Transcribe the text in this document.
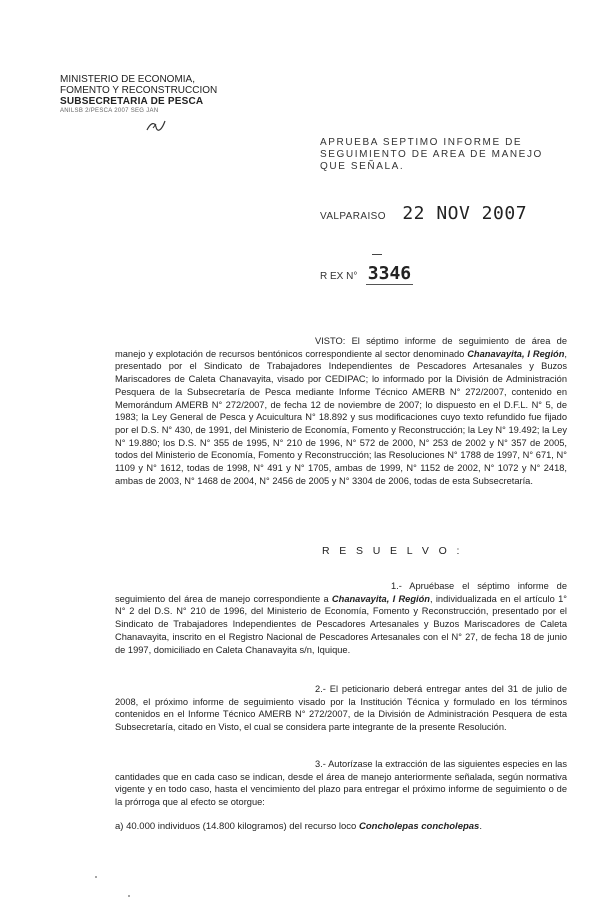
MINISTERIO DE ECONOMIA,
FOMENTO Y RECONSTRUCCION
SUBSECRETARIA DE PESCA
ANILSB 2/PESCA 2007 SEG JAN
APRUEBA SEPTIMO INFORME DE SEGUIMIENTO DE AREA DE MANEJO QUE SEÑALA.
VALPARAISO 22 NOV 2007
R EX N° 3346
VISTO: El séptimo informe de seguimiento de área de manejo y explotación de recursos bentónicos correspondiente al sector denominado Chanavayita, I Región, presentado por el Sindicato de Trabajadores Independientes de Pescadores Artesanales y Buzos Mariscadores de Caleta Chanavayita, visado por CEDIPAC; lo informado por la División de Administración Pesquera de la Subsecretaría de Pesca mediante Informe Técnico AMERB N° 272/2007, contenido en Memorándum AMERB N° 272/2007, de fecha 12 de noviembre de 2007; lo dispuesto en el D.F.L. N° 5, de 1983; la Ley General de Pesca y Acuicultura N° 18.892 y sus modificaciones cuyo texto refundido fue fijado por el D.S. N° 430, de 1991, del Ministerio de Economía, Fomento y Reconstrucción; la Ley N° 19.492; la Ley N° 19.880; los D.S. N° 355 de 1995, N° 210 de 1996, N° 572 de 2000, N° 253 de 2002 y N° 357 de 2005, todos del Ministerio de Economía, Fomento y Reconstrucción; las Resoluciones N° 1788 de 1997, N° 671, N° 1109 y N° 1612, todas de 1998, N° 491 y N° 1705, ambas de 1999, N° 1152 de 2002, N° 1072 y N° 2418, ambas de 2003, N° 1468 de 2004, N° 2456 de 2005 y N° 3304 de 2006, todas de esta Subsecretaría.
R E S U E L V O :
1.- Apruébase el séptimo informe de seguimiento del área de manejo correspondiente a Chanavayita, I Región, individualizada en el artículo 1° N° 2 del D.S. N° 210 de 1996, del Ministerio de Economía, Fomento y Reconstrucción, presentado por el Sindicato de Trabajadores Independientes de Pescadores Artesanales y Buzos Mariscadores de Caleta Chanavayita, inscrito en el Registro Nacional de Pescadores Artesanales con el N° 27, de fecha 18 de junio de 1997, domiciliado en Caleta Chanavayita s/n, Iquique.
2.- El peticionario deberá entregar antes del 31 de julio de 2008, el próximo informe de seguimiento visado por la Institución Técnica y formulado en los términos contenidos en el Informe Técnico AMERB N° 272/2007, de la División de Administración Pesquera de esta Subsecretaría, citado en Visto, el cual se considera parte integrante de la presente Resolución.
3.- Autorízase la extracción de las siguientes especies en las cantidades que en cada caso se indican, desde el área de manejo anteriormente señalada, según normativa vigente y en todo caso, hasta el vencimiento del plazo para entregar el próximo informe de seguimiento o de la prórroga que al efecto se otorgue:
a) 40.000 individuos (14.800 kilogramos) del recurso loco Concholepas concholepas.
